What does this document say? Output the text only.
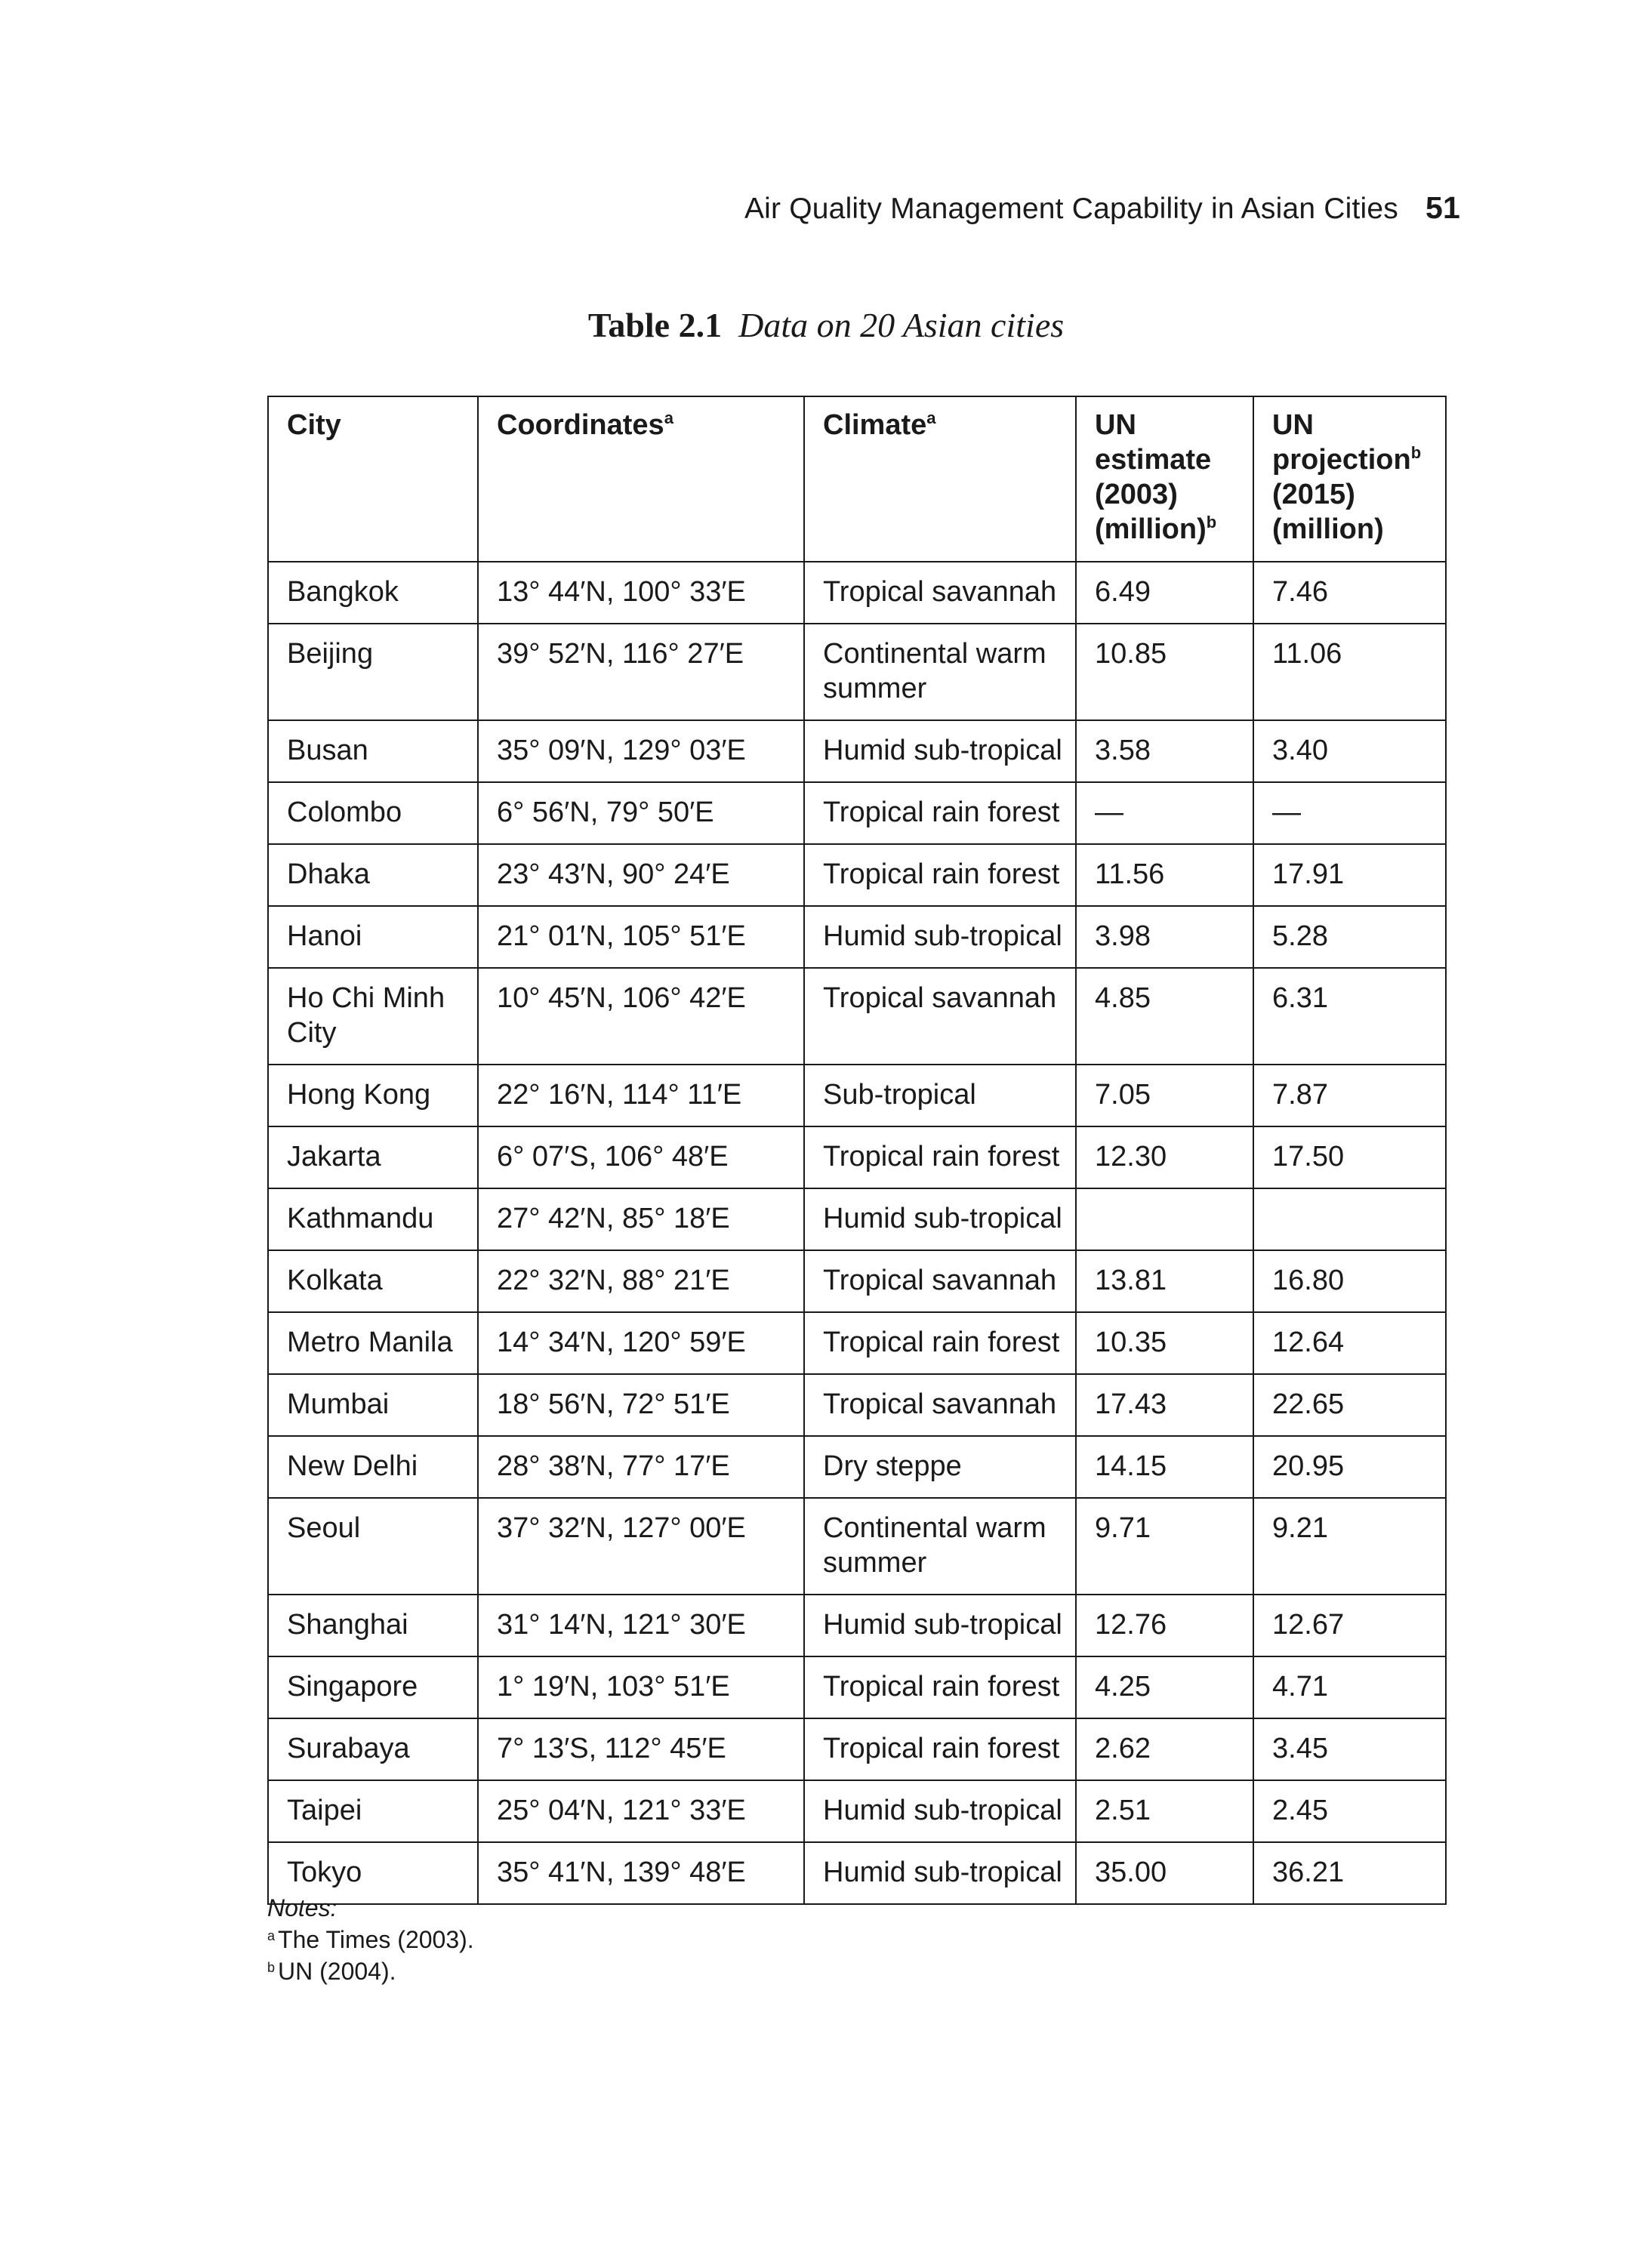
Air Quality Management Capability in Asian Cities 51
Table 2.1 Data on 20 Asian cities
City	Coordinates$^a$	Climate$^a$	UN estimate (2003) (million)$^b$	UN projection$^b$ (2015) (million)
Bangkok	13° 44′N, 100° 33′E	Tropical savannah	6.49	7.46
Beijing	39° 52′N, 116° 27′E	Continental warm summer	10.85	11.06
Busan	35° 09′N, 129° 03′E	Humid sub-tropical	3.58	3.40
Colombo	6° 56′N, 79° 50′E	Tropical rain forest	—	—
Dhaka	23° 43′N, 90° 24′E	Tropical rain forest	11.56	17.91
Hanoi	21° 01′N, 105° 51′E	Humid sub-tropical	3.98	5.28
Ho Chi Minh City	10° 45′N, 106° 42′E	Tropical savannah	4.85	6.31
Hong Kong	22° 16′N, 114° 11′E	Sub-tropical	7.05	7.87
Jakarta	6° 07′S, 106° 48′E	Tropical rain forest	12.30	17.50
Kathmandu	27° 42′N, 85° 18′E	Humid sub-tropical		
Kolkata	22° 32′N, 88° 21′E	Tropical savannah	13.81	16.80
Metro Manila	14° 34′N, 120° 59′E	Tropical rain forest	10.35	12.64
Mumbai	18° 56′N, 72° 51′E	Tropical savannah	17.43	22.65
New Delhi	28° 38′N, 77° 17′E	Dry steppe	14.15	20.95
Seoul	37° 32′N, 127° 00′E	Continental warm summer	9.71	9.21
Shanghai	31° 14′N, 121° 30′E	Humid sub-tropical	12.76	12.67
Singapore	1° 19′N, 103° 51′E	Tropical rain forest	4.25	4.71
Surabaya	7° 13′S, 112° 45′E	Tropical rain forest	2.62	3.45
Taipei	25° 04′N, 121° 33′E	Humid sub-tropical	2.51	2.45
Tokyo	35° 41′N, 139° 48′E	Humid sub-tropical	35.00	36.21
Notes:
$^a$ The Times (2003).
$^b$ UN (2004).
